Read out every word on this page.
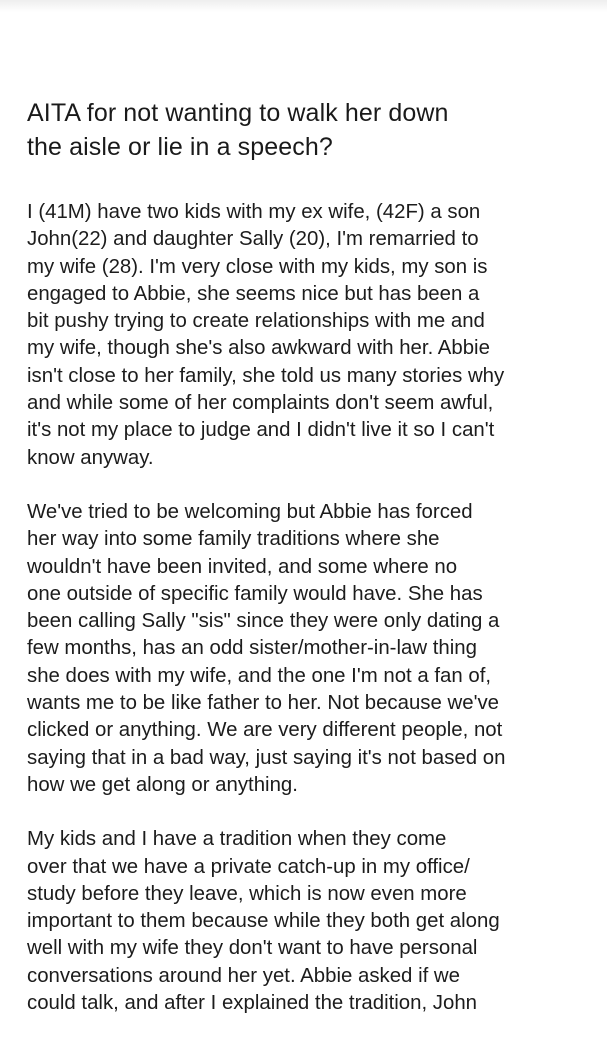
AITA for not wanting to walk her down
the aisle or lie in a speech?

I (41M) have two kids with my ex wife, (42F) a son
John(22) and daughter Sally (20), I'm remarried to
my wife (28). I'm very close with my kids, my son is
engaged to Abbie, she seems nice but has been a
bit pushy trying to create relationships with me and
my wife, though she's also awkward with her. Abbie
isn't close to her family, she told us many stories why
and while some of her complaints don't seem awful,
it's not my place to judge and I didn't live it so I can't
know anyway.

We've tried to be welcoming but Abbie has forced
her way into some family traditions where she
wouldn't have been invited, and some where no
one outside of specific family would have. She has
been calling Sally "sis" since they were only dating a
few months, has an odd sister/mother-in-law thing
she does with my wife, and the one I'm not a fan of,
wants me to be like father to her. Not because we've
clicked or anything. We are very different people, not
saying that in a bad way, just saying it's not based on
how we get along or anything.

My kids and I have a tradition when they come
over that we have a private catch-up in my office/
study before they leave, which is now even more
important to them because while they both get along
well with my wife they don't want to have personal
conversations around her yet. Abbie asked if we
could talk, and after I explained the tradition, John
